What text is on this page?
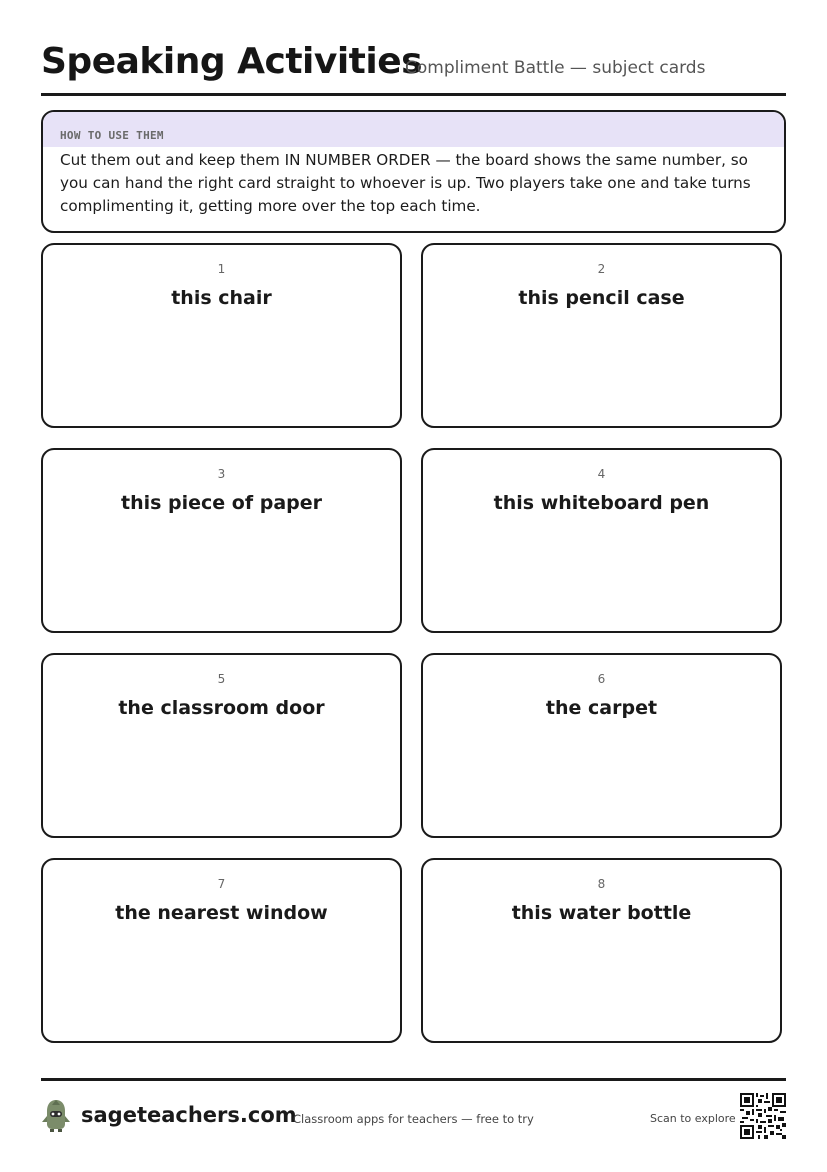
Speaking Activities
Compliment Battle — subject cards
HOW TO USE THEM
Cut them out and keep them IN NUMBER ORDER — the board shows the same number, so you can hand the right card straight to whoever is up. Two players take one and take turns complimenting it, getting more over the top each time.
1
this chair
2
this pencil case
3
this piece of paper
4
this whiteboard pen
5
the classroom door
6
the carpet
7
the nearest window
8
this water bottle
sageteachers.com
Classroom apps for teachers — free to try	Scan to explore
